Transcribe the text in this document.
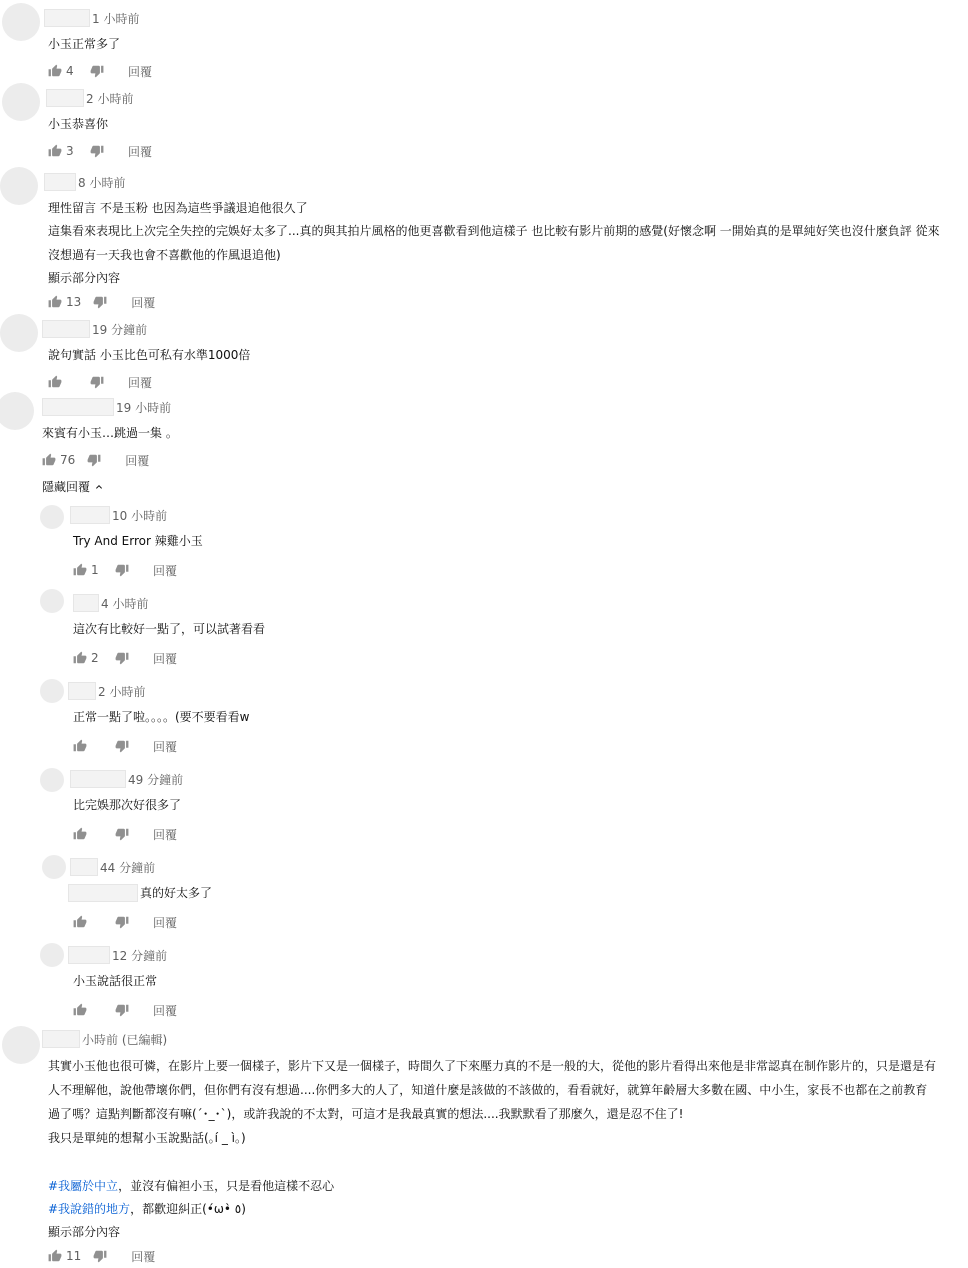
1 小時前
小玉正常多了
4	回覆
2 小時前
小玉恭喜你
3	回覆
8 小時前
理性留言 不是玉粉 也因為這些爭議退追他很久了
這集看來表現比上次完全失控的完娛好太多了...真的與其拍片風格的他更喜歡看到他這樣子 也比較有影片前期的感覺(好懷念啊 一開始真的是單純好笑也沒什麼負評 從來
沒想過有一天我也會不喜歡他的作風退追他)
顯示部分內容
13	回覆
19 分鐘前
說句實話 小玉比色可私有水準1000倍
回覆
19 小時前
來賓有小玉…跳過一集 。
76	回覆
隱藏回覆
10 小時前
Try And Error 辣雞小玉
1	回覆
4 小時前
這次有比較好一點了，可以試著看看
2	回覆
2 小時前
正常一點了啦。。。。(要不要看看w
回覆
49 分鐘前
比完娛那次好很多了
回覆
44 分鐘前
真的好太多了
回覆
12 分鐘前
小玉說話很正常
回覆
小時前 (已編輯)
其實小玉他也很可憐，在影片上要一個樣子，影片下又是一個樣子，時間久了下來壓力真的不是一般的大，從他的影片看得出來他是非常認真在制作影片的，只是還是有
人不理解他，說他帶壞你們，但你們有沒有想過....你們多大的人了，知道什麼是該做的不該做的，看看就好，就算年齡層大多數在國、中小生，家長不也都在之前教育
過了嗎？這點判斷都沒有嘛(´･_･`)，或許我說的不太對，可這才是我最真實的想法....我默默看了那麼久，還是忍不住了!
我只是單純的想幫小玉說點話(｡í _ ì｡)
#我屬於中立，並沒有偏袒小玉，只是看他這樣不忍心
#我說錯的地方，都歡迎糾正(•́ω•̀ ٥)
顯示部分內容
11	回覆
